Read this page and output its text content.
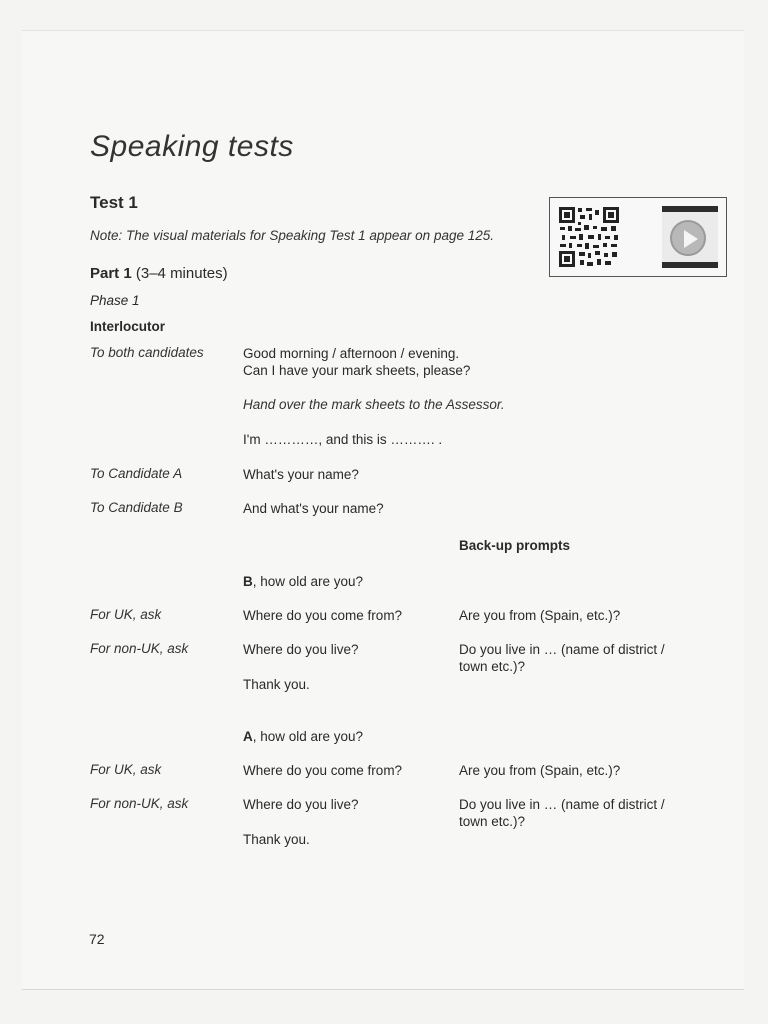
Speaking tests
Test 1
Note: The visual materials for Speaking Test 1 appear on page 125.
Part 1 (3–4 minutes)
Phase 1
Interlocutor
To both candidates	Good morning / afternoon / evening.
Can I have your mark sheets, please?
Hand over the mark sheets to the Assessor.
I'm …………, and this is ………. .
To Candidate A	What's your name?
To Candidate B	And what's your name?
Back-up prompts
B, how old are you?
For UK, ask	Where do you come from?	Are you from (Spain, etc.)?
For non-UK, ask	Where do you live?	Do you live in … (name of district /
town etc.)?
Thank you.
A, how old are you?
For UK, ask	Where do you come from?	Are you from (Spain, etc.)?
For non-UK, ask	Where do you live?	Do you live in … (name of district /
town etc.)?
Thank you.
72
